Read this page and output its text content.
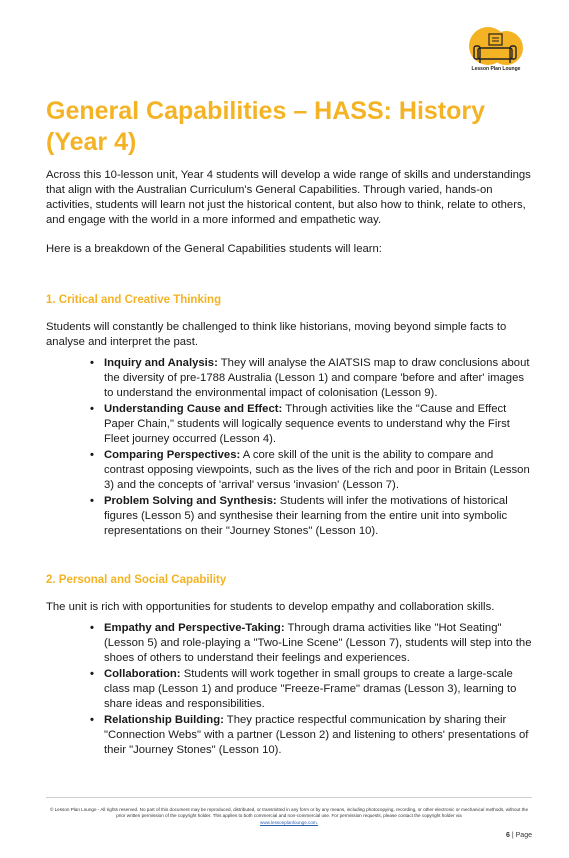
Lesson Plan Lounge
General Capabilities – HASS: History (Year 4)

Across this 10-lesson unit, Year 4 students will develop a wide range of skills and understandings that align with the Australian Curriculum's General Capabilities. Through varied, hands-on activities, students will learn not just the historical content, but also how to think, relate to others, and engage with the world in a more informed and empathetic way.

Here is a breakdown of the General Capabilities students will learn:

1. Critical and Creative Thinking

Students will constantly be challenged to think like historians, moving beyond simple facts to analyse and interpret the past.

• Inquiry and Analysis: They will analyse the AIATSIS map to draw conclusions about the diversity of pre-1788 Australia (Lesson 1) and compare 'before and after' images to understand the environmental impact of colonisation (Lesson 9).
• Understanding Cause and Effect: Through activities like the "Cause and Effect Paper Chain," students will logically sequence events to understand why the First Fleet journey occurred (Lesson 4).
• Comparing Perspectives: A core skill of the unit is the ability to compare and contrast opposing viewpoints, such as the lives of the rich and poor in Britain (Lesson 3) and the concepts of 'arrival' versus 'invasion' (Lesson 7).
• Problem Solving and Synthesis: Students will infer the motivations of historical figures (Lesson 5) and synthesise their learning from the entire unit into symbolic representations on their "Journey Stones" (Lesson 10).
2. Personal and Social Capability

The unit is rich with opportunities for students to develop empathy and collaboration skills.

• Empathy and Perspective-Taking: Through drama activities like "Hot Seating" (Lesson 5) and role-playing a "Two-Line Scene" (Lesson 7), students will step into the shoes of others to understand their feelings and experiences.
• Collaboration: Students will work together in small groups to create a large-scale class map (Lesson 1) and produce "Freeze-Frame" dramas (Lesson 3), learning to share ideas and responsibilities.
• Relationship Building: They practice respectful communication by sharing their "Connection Webs" with a partner (Lesson 2) and listening to others' presentations of their "Journey Stones" (Lesson 10).
© Lesson Plan Lounge - All rights reserved. No part of this document may be reproduced, distributed, or transmitted in any form or by any means, including photocopying, recording, or other electronic or mechanical methods, without the prior written permission of the copyright holder. This applies to both commercial and non-commercial use. For permission requests, please contact the copyright holder via
www.lessonplanlounge.com.
6 | Page
